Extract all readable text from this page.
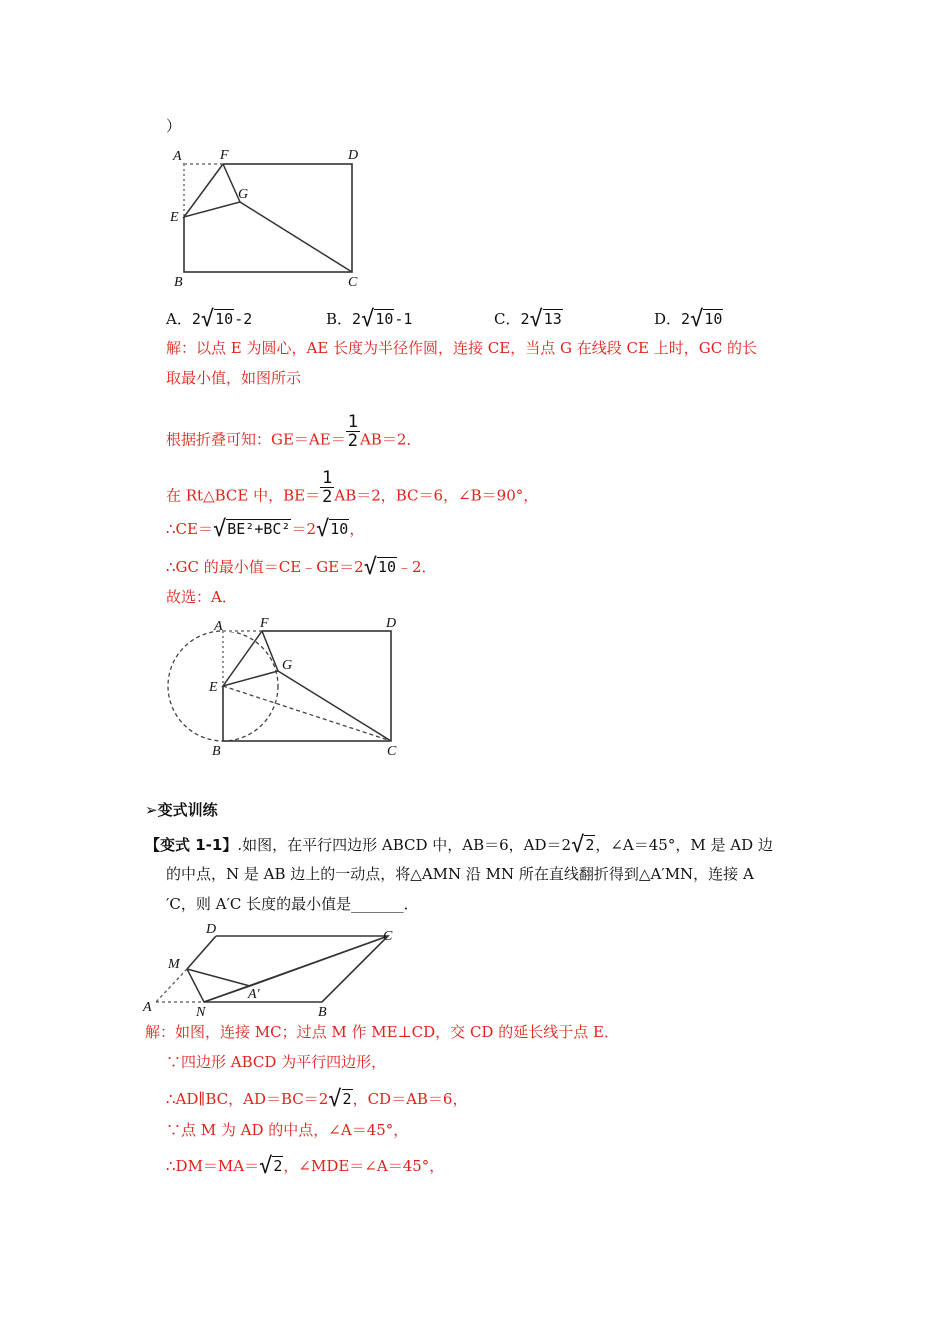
）
A	F	D
G
E
B	C
A．2√10-2	B．2√10-1	C．2√13	D．2√10
解：以点 E 为圆心，AE 长度为半径作圆，连接 CE，当点 G 在线段 CE 上时，GC 的长
取最小值，如图所示
根据折叠可知：$GE=AE= \frac{1}{2} AB=2$．
在 Rt△BCE 中，$BE= \frac{1}{2} AB=2$，BC＝6，∠B＝90°，
∴CE＝√BE²+BC²＝2√10，
∴GC 的最小值＝CE﹣GE＝2√10﹣2．
故选：A．
A	F	D
G
E
B	C
➢变式训练
【变式 1-1】.如图，在平行四边形 ABCD 中，AB＝6，AD＝2√2，∠A＝45°，M 是 AD 边
的中点，N 是 AB 边上的一动点，将△AMN 沿 MN 所在直线翻折得到△A′MN，连接 A
′C，则 A′C 长度的最小值是_______．
D	C
M
A′
A	N	B
解：如图，连接 MC；过点 M 作 ME⊥CD，交 CD 的延长线于点 E．
∵四边形 ABCD 为平行四边形，
∴AD∥BC，AD＝BC＝2√2，CD＝AB＝6，
∵点 M 为 AD 的中点，∠A＝45°，
∴DM＝MA＝√2，∠MDE＝∠A＝45°，
